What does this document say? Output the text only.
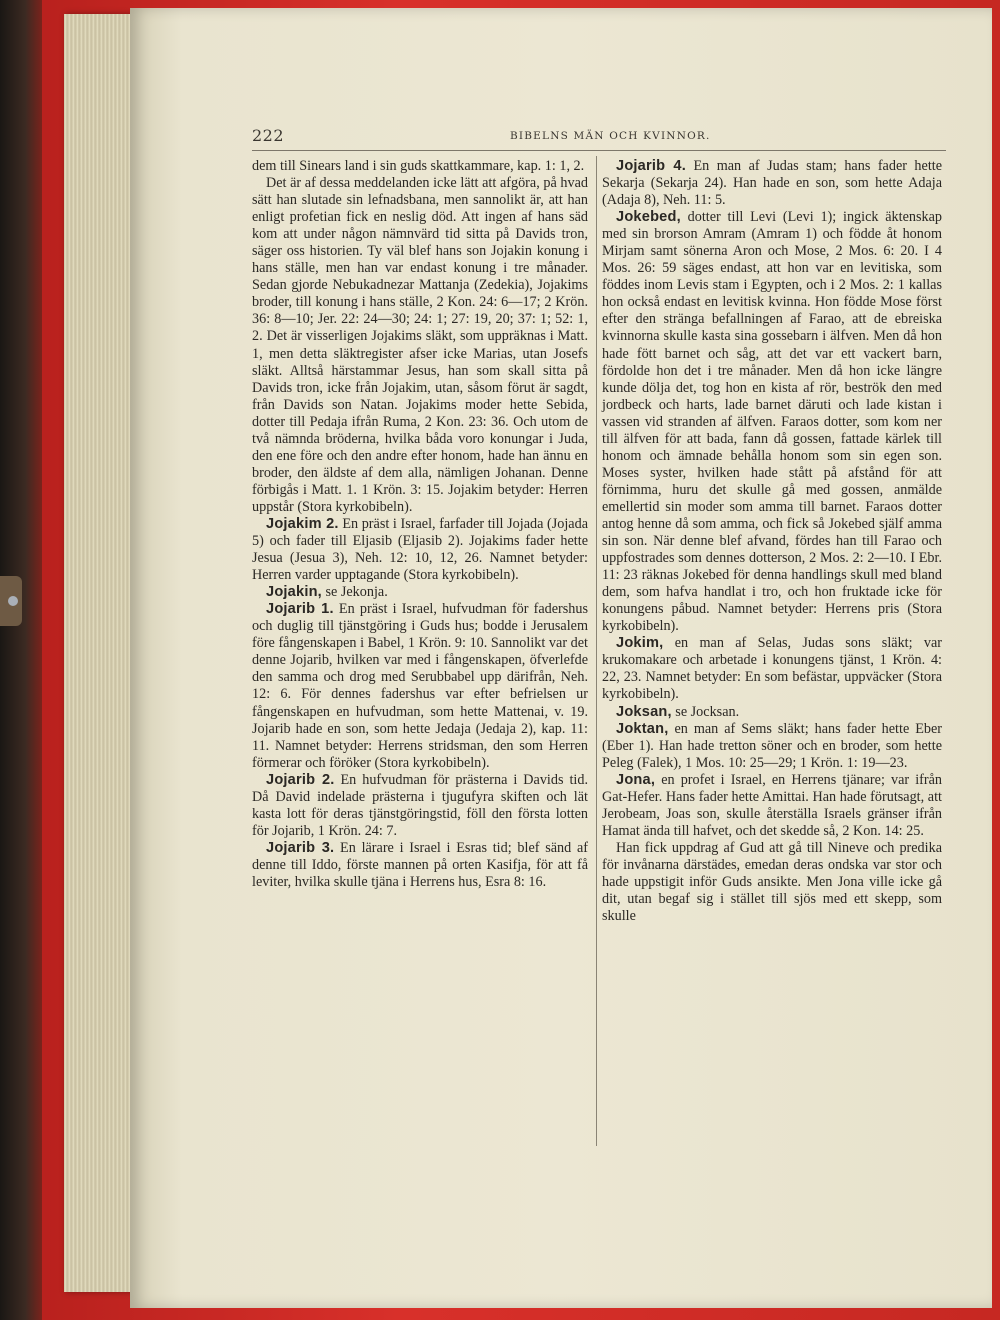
222	BIBELNS MÄN OCH KVINNOR.

dem till Sinears land i sin guds skattkammare, kap. 1: 1, 2.

Det är af dessa meddelanden icke lätt att afgöra, på hvad sätt han slutade sin lefnadsbana, men sannolikt är, att han enligt profetian fick en neslig död. Att ingen af hans säd kom att under någon nämnvärd tid sitta på Davids tron, säger oss historien. Ty väl blef hans son Jojakin konung i hans ställe, men han var endast konung i tre månader. Sedan gjorde Nebukadnezar Mattanja (Zedekia), Jojakims broder, till konung i hans ställe, 2 Kon. 24: 6—17; 2 Krön. 36: 8—10; Jer. 22: 24—30; 24: 1; 27: 19, 20; 37: 1; 52: 1, 2. Det är visserligen Jojakims släkt, som uppräknas i Matt. 1, men detta släktregister afser icke Marias, utan Josefs släkt. Alltså härstammar Jesus, han som skall sitta på Davids tron, icke från Jojakim, utan, såsom förut är sagdt, från Davids son Natan. Jojakims moder hette Sebida, dotter till Pedaja ifrån Ruma, 2 Kon. 23: 36. Och utom de två nämnda bröderna, hvilka båda voro konungar i Juda, den ene före och den andre efter honom, hade han ännu en broder, den äldste af dem alla, nämligen Johanan. Denne förbigås i Matt. 1. 1 Krön. 3: 15. Jojakim betyder: Herren uppstår (Stora kyrkobibeln).

Jojakim 2. En präst i Israel, farfader till Jojada (Jojada 5) och fader till Eljasib (Eljasib 2). Jojakims fader hette Jesua (Jesua 3), Neh. 12: 10, 12, 26. Namnet betyder: Herren varder upptagande (Stora kyrkobibeln).

Jojakin, se Jekonja.

Jojarib 1. En präst i Israel, hufvudman för fadershus och duglig till tjänstgöring i Guds hus; bodde i Jerusalem före fångenskapen i Babel, 1 Krön. 9: 10. Sannolikt var det denne Jojarib, hvilken var med i fångenskapen, öfverlefde den samma och drog med Serubbabel upp därifrån, Neh. 12: 6. För dennes fadershus var efter befrielsen ur fångenskapen en hufvudman, som hette Mattenai, v. 19. Jojarib hade en son, som hette Jedaja (Jedaja 2), kap. 11: 11. Namnet betyder: Herrens stridsman, den som Herren förmerar och föröker (Stora kyrkobibeln).

Jojarib 2. En hufvudman för prästerna i Davids tid. Då David indelade prästerna i tjugufyra skiften och lät kasta lott för deras tjänstgöringstid, föll den första lotten för Jojarib, 1 Krön. 24: 7.

Jojarib 3. En lärare i Israel i Esras tid; blef sänd af denne till Iddo, förste mannen på orten Kasifja, för att få leviter, hvilka skulle tjäna i Herrens hus, Esra 8: 16.

Jojarib 4. En man af Judas stam; hans fader hette Sekarja (Sekarja 24). Han hade en son, som hette Adaja (Adaja 8), Neh. 11: 5.

Jokebed, dotter till Levi (Levi 1); ingick äktenskap med sin brorson Amram (Amram 1) och födde åt honom Mirjam samt sönerna Aron och Mose, 2 Mos. 6: 20. I 4 Mos. 26: 59 säges endast, att hon var en levitiska, som föddes inom Levis stam i Egypten, och i 2 Mos. 2: 1 kallas hon också endast en levitisk kvinna. Hon födde Mose först efter den stränga befallningen af Farao, att de ebreiska kvinnorna skulle kasta sina gossebarn i älfven. Men då hon hade fött barnet och såg, att det var ett vackert barn, fördolde hon det i tre månader. Men då hon icke längre kunde dölja det, tog hon en kista af rör, beströk den med jordbeck och harts, lade barnet däruti och lade kistan i vassen vid stranden af älfven. Faraos dotter, som kom ner till älfven för att bada, fann då gossen, fattade kärlek till honom och ämnade behålla honom som sin egen son. Moses syster, hvilken hade stått på afstånd för att förnimma, huru det skulle gå med gossen, anmälde emellertid sin moder som amma till barnet. Faraos dotter antog henne då som amma, och fick så Jokebed själf amma sin son. När denne blef afvand, fördes han till Farao och uppfostrades som dennes dotterson, 2 Mos. 2: 2—10. I Ebr. 11: 23 räknas Jokebed för denna handlings skull med bland dem, som hafva handlat i tro, och hon fruktade icke för konungens påbud. Namnet betyder: Herrens pris (Stora kyrkobibeln).

Jokim, en man af Selas, Judas sons släkt; var krukomakare och arbetade i konungens tjänst, 1 Krön. 4: 22, 23. Namnet betyder: En som befästar, uppväcker (Stora kyrkobibeln).

Joksan, se Jocksan.

Joktan, en man af Sems släkt; hans fader hette Eber (Eber 1). Han hade tretton söner och en broder, som hette Peleg (Falek), 1 Mos. 10: 25—29; 1 Krön. 1: 19—23.

Jona, en profet i Israel, en Herrens tjänare; var ifrån Gat-Hefer. Hans fader hette Amittai. Han hade förutsagt, att Jerobeam, Joas son, skulle återställa Israels gränser ifrån Hamat ända till hafvet, och det skedde så, 2 Kon. 14: 25.

Han fick uppdrag af Gud att gå till Nineve och predika för invånarna därstädes, emedan deras ondska var stor och hade uppstigit inför Guds ansikte. Men Jona ville icke gå dit, utan begaf sig i stället till sjös med ett skepp, som skulle
